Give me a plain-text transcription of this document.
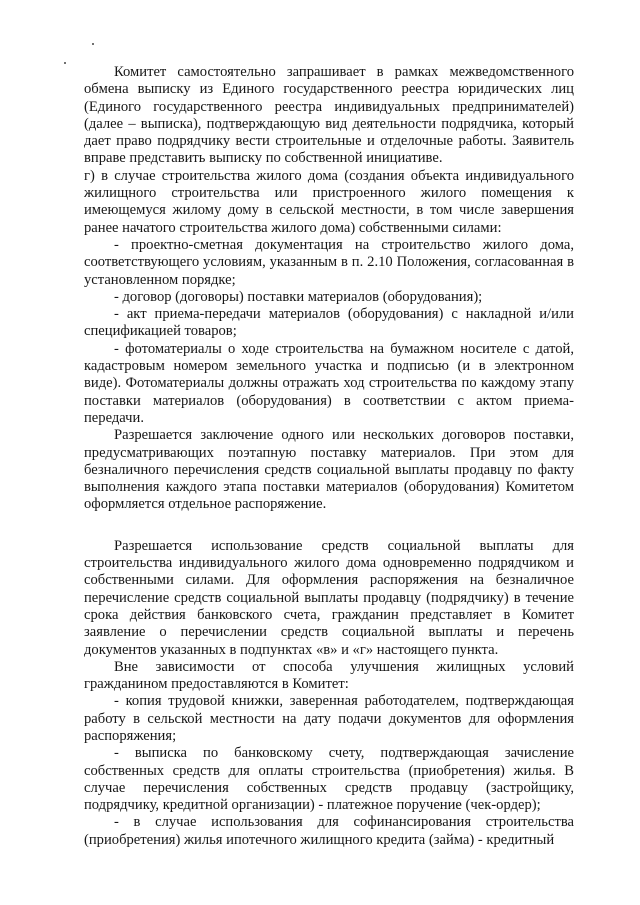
Комитет самостоятельно запрашивает в рамках межведомственного обмена выписку из Единого государственного реестра юридических лиц (Единого государственного реестра индивидуальных предпринимателей) (далее – выписка), подтверждающую вид деятельности подрядчика, который дает право подрядчику вести строительные и отделочные работы. Заявитель вправе представить выписку по собственной инициативе.

г) в случае строительства жилого дома (создания объекта индивидуального жилищного строительства или пристроенного жилого помещения к имеющемуся жилому дому в сельской местности, в том числе завершения ранее начатого строительства жилого дома) собственными силами:

- проектно-сметная документация на строительство жилого дома, соответствующего условиям, указанным в п. 2.10 Положения, согласованная в установленном порядке;

- договор (договоры) поставки материалов (оборудования);

- акт приема-передачи материалов (оборудования) с накладной и/или спецификацией товаров;

- фотоматериалы о ходе строительства на бумажном носителе с датой, кадастровым номером земельного участка и подписью (и в электронном виде). Фотоматериалы должны отражать ход строительства по каждому этапу поставки материалов (оборудования) в соответствии с актом приема-передачи.

Разрешается заключение одного или нескольких договоров поставки, предусматривающих поэтапную поставку материалов. При этом для безналичного перечисления средств социальной выплаты продавцу по факту выполнения каждого этапа поставки материалов (оборудования) Комитетом оформляется отдельное распоряжение.

Разрешается использование средств социальной выплаты для строительства индивидуального жилого дома одновременно подрядчиком и собственными силами. Для оформления распоряжения на безналичное перечисление средств социальной выплаты продавцу (подрядчику) в течение срока действия банковского счета, гражданин представляет в Комитет заявление о перечислении средств социальной выплаты и перечень документов указанных в подпунктах «в» и «г» настоящего пункта.

Вне зависимости от способа улучшения жилищных условий гражданином предоставляются в Комитет:

- копия трудовой книжки, заверенная работодателем, подтверждающая работу в сельской местности на дату подачи документов для оформления распоряжения;

- выписка по банковскому счету, подтверждающая зачисление собственных средств для оплаты строительства (приобретения) жилья. В случае перечисления собственных средств продавцу (застройщику, подрядчику, кредитной организации) - платежное поручение (чек-ордер);

- в случае использования для софинансирования строительства (приобретения) жилья ипотечного жилищного кредита (займа) - кредитный
